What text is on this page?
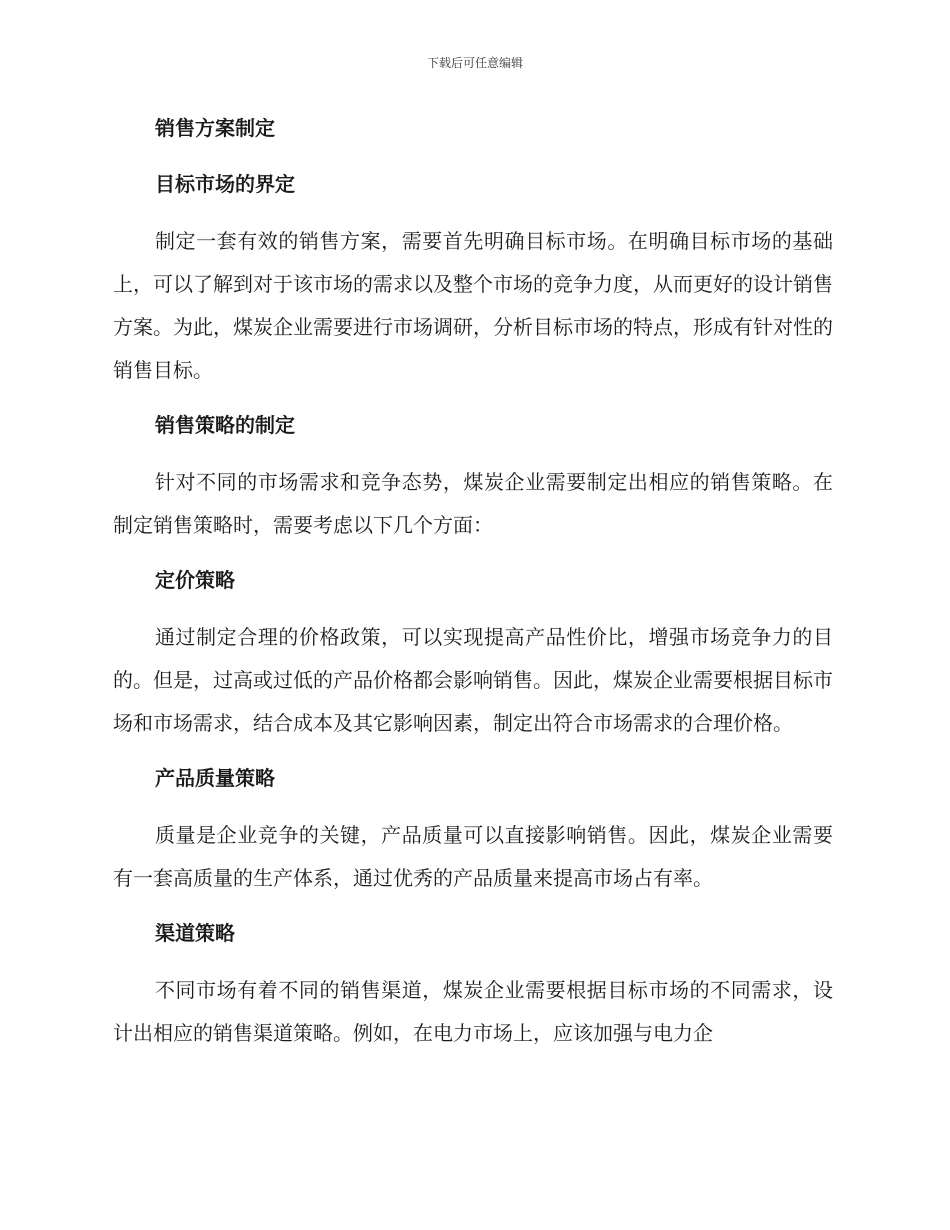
下载后可任意编辑
销售方案制定
目标市场的界定

制定一套有效的销售方案，需要首先明确目标市场。在明确目标市场的基础上，可以了解到对于该市场的需求以及整个市场的竞争力度，从而更好的设计销售方案。为此，煤炭企业需要进行市场调研，分析目标市场的特点，形成有针对性的销售目标。

销售策略的制定

针对不同的市场需求和竞争态势，煤炭企业需要制定出相应的销售策略。在制定销售策略时，需要考虑以下几个方面：

定价策略

通过制定合理的价格政策，可以实现提高产品性价比，增强市场竞争力的目的。但是，过高或过低的产品价格都会影响销售。因此，煤炭企业需要根据目标市场和市场需求，结合成本及其它影响因素，制定出符合市场需求的合理价格。

产品质量策略

质量是企业竞争的关键，产品质量可以直接影响销售。因此，煤炭企业需要有一套高质量的生产体系，通过优秀的产品质量来提高市场占有率。

渠道策略

不同市场有着不同的销售渠道，煤炭企业需要根据目标市场的不同需求，设计出相应的销售渠道策略。例如，在电力市场上，应该加强与电力企
